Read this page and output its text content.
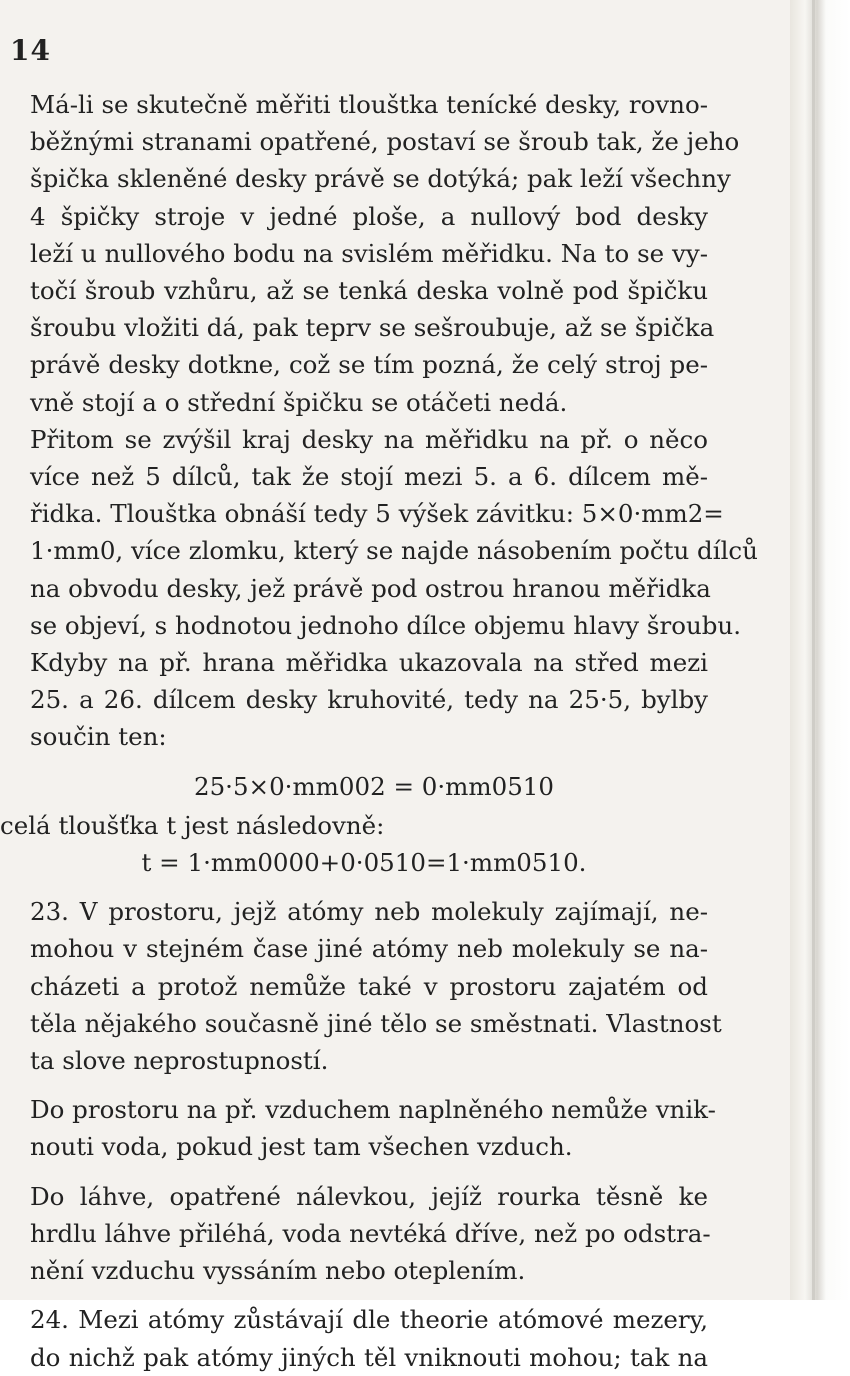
14

Má-li se skutečně měřiti tlouštka tenícké desky, rovno-
běžnými stranami opatřené, postaví se šroub tak, že jeho
špička skleněné desky právě se dotýká; pak leží všechny
4 špičky stroje v jedné ploše, a nullový bod desky
leží u nullového bodu na svislém měřidku. Na to se vy-
točí šroub vzhůru, až se tenká deska volně pod špičku
šroubu vložiti dá, pak teprv se sešroubuje, až se špička
právě desky dotkne, což se tím pozná, že celý stroj pe-
vně stojí a o střední špičku se otáčeti nedá.

Přitom se zvýšil kraj desky na měřidku na př. o něco
více než 5 dílců, tak že stojí mezi 5. a 6. dílcem mě-
řidka. Tlouštka obnáší tedy 5 výšek závitku: 5×0·mm2=
1·mm0, více zlomku, který se najde násobením počtu dílců
na obvodu desky, jež právě pod ostrou hranou měřidka
se objeví, s hodnotou jednoho dílce objemu hlavy šroubu.

Kdyby na př. hrana měřidka ukazovala na střed mezi
25. a 26. dílcem desky kruhovité, tedy na 25·5, bylby
součin ten:

25·5×0·mm002 = 0·mm0510
celá tloušťka t jest následovně:
t = 1·mm0000+0·0510=1·mm0510.

23. V prostoru, jejž atómy neb molekuly zajímají, ne-
mohou v stejném čase jiné atómy neb molekuly se na-
cházeti a protož nemůže také v prostoru zajatém od
těla nějakého současně jiné tělo se směstnati. Vlastnost
ta slove neprostupností.

Do prostoru na př. vzduchem naplněného nemůže vnik-
nouti voda, pokud jest tam všechen vzduch.

Do láhve, opatřené nálevkou, jejíž rourka těsně ke
hrdlu láhve přiléhá, voda nevtéká dříve, než po odstra-
nění vzduchu vyssáním nebo oteplením.

24. Mezi atómy zůstávají dle theorie atómové mezery,
do nichž pak atómy jiných těl vniknouti mohou; tak na
